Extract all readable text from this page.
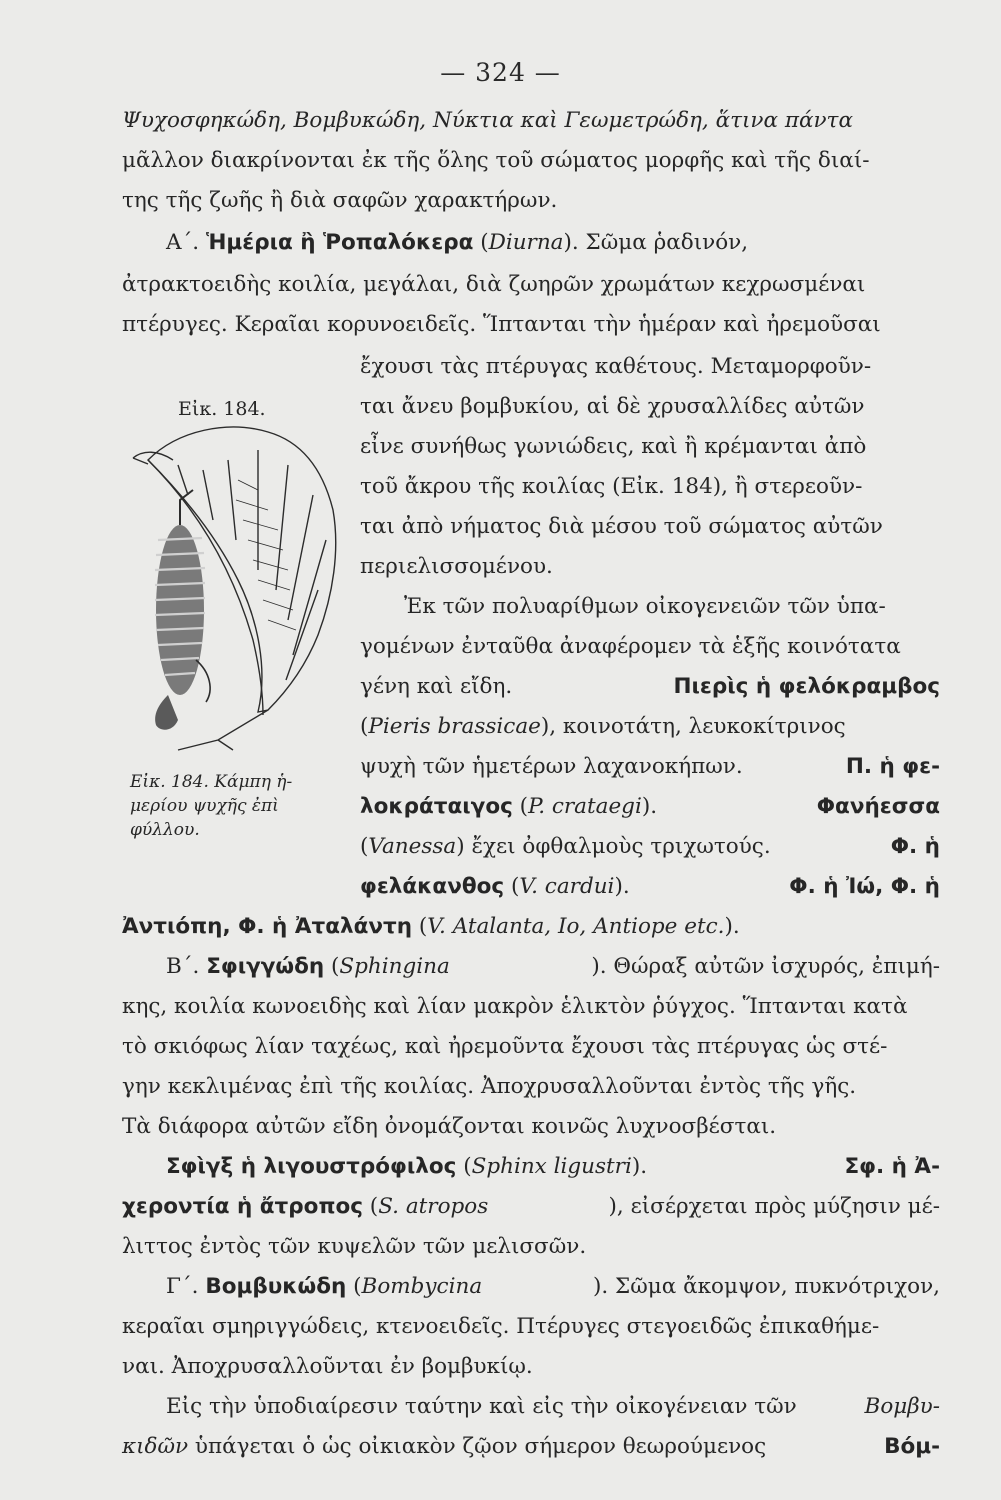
— 324 —
Ψυχοσφηκώδη, Βομβυκώδη, Νύκτια καὶ Γεωμετρώδη, ἅτινα πάντα
μᾶλλον διακρίνονται ἐκ τῆς ὅλης τοῦ σώματος μορφῆς καὶ τῆς διαί-
της τῆς ζωῆς ἢ διὰ σαφῶν χαρακτήρων.
Α΄. Ἡμέρια ἢ Ῥοπαλόκερα ( Diurna ). Σῶμα ῥαδινόν,
ἀτρακτοειδὴς κοιλία, μεγάλαι, διὰ ζωηρῶν χρωμάτων κεχρωσμέναι
πτέρυγες. Κεραῖαι κορυνοειδεῖς. Ἵπτανται τὴν ἡμέραν καὶ ἠρεμοῦσαι
Εἰκ. 184.
Εἰκ. 184. Κάμπη ἡ-μερίου ψυχῆς ἐπὶ φύλλου.
ἔχουσι τὰς πτέρυγας καθέτους. Μεταμορφοῦν-
ται ἄνευ βομβυκίου, αἱ δὲ χρυσαλλίδες αὐτῶν
εἶνε συνήθως γωνιώδεις, καὶ ἢ κρέμανται ἀπὸ
τοῦ ἄκρου τῆς κοιλίας (Εἰκ. 184), ἢ στερεοῦν-
ται ἀπὸ νήματος διὰ μέσου τοῦ σώματος αὐτῶν
περιελισσομένου.
Ἐκ τῶν πολυαρίθμων οἰκογενειῶν τῶν ὑπα-
γομένων ἐνταῦθα ἀναφέρομεν τὰ ἑξῆς κοινότατα
γένη καὶ εἴδη.	Πιερὶς ἡ φελόκραμβος
(Pieris brassicae), κοινοτάτη, λευκοκίτρινος
ψυχὴ τῶν ἡμετέρων λαχανοκήπων.	Π. ἡ φε-
λοκράταιγος (P. crataegi).	Φανήεσσα
(Vanessa) ἔχει ὀφθαλμοὺς τριχωτούς.	Φ. ἡ
φελάκανθος (V. cardui).	Φ. ἡ Ἰώ, Φ. ἡ
Ἀντιόπη, Φ. ἡ Ἀταλάντη ( V. Atalanta, Io, Antiope etc. ).
Β΄. Σφιγγώδη (Sphingina	). Θώραξ αὐτῶν ἰσχυρός, ἐπιμή-
κης, κοιλία κωνοειδὴς καὶ λίαν μακρὸν ἑλικτὸν ῥύγχος. Ἵπτανται κατὰ
τὸ σκιόφως λίαν ταχέως, καὶ ἠρεμοῦντα ἔχουσι τὰς πτέρυγας ὡς στέ-
γην κεκλιμένας ἐπὶ τῆς κοιλίας. Ἀποχρυσαλλοῦνται ἐντὸς τῆς γῆς.
Τὰ διάφορα αὐτῶν εἴδη ὀνομάζονται κοινῶς λυχνοσβέσται.
Σφὶγξ ἡ λιγουστρόφιλος (Sphinx ligustri).	Σφ. ἡ Ἀ-
χεροντία ἡ ἄτροπος (S. atropos	), εἰσέρχεται πρὸς μύζησιν μέ-
λιττος ἐντὸς τῶν κυψελῶν τῶν μελισσῶν.
Γ΄. Βομβυκώδη (Bombycina	). Σῶμα ἄκομψον, πυκνότριχον,
κεραῖαι σμηριγγώδεις, κτενοειδεῖς. Πτέρυγες στεγοειδῶς ἐπικαθήμε-
ναι. Ἀποχρυσαλλοῦνται ἐν βομβυκίῳ.
Εἰς τὴν ὑποδιαίρεσιν ταύτην καὶ εἰς τὴν οἰκογένειαν τῶν	Βομβυ-
κιδῶν ὑπάγεται ὁ ὡς οἰκιακὸν ζῷον σήμερον θεωρούμενος	Βόμ-
